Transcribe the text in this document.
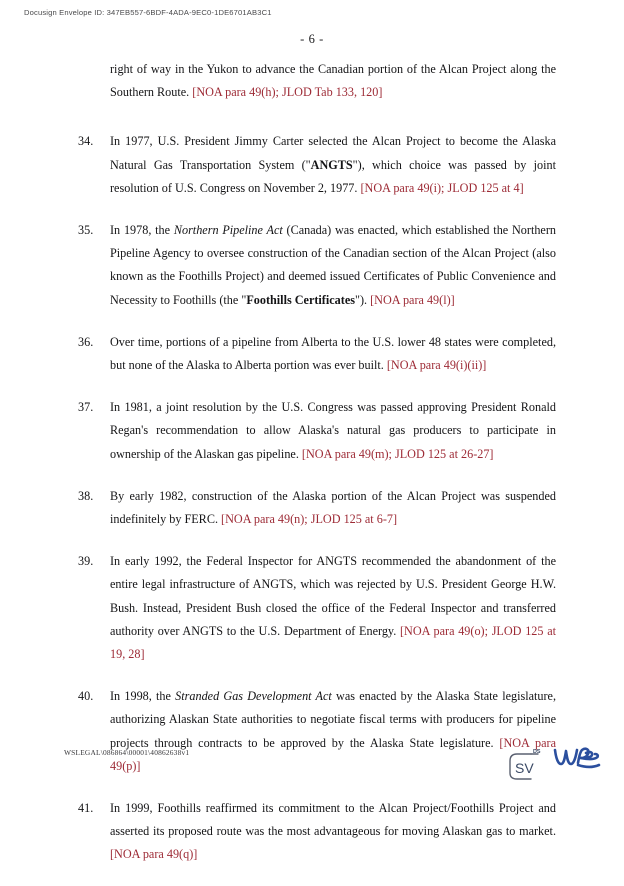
Docusign Envelope ID: 347EB557-6BDF-4ADA-9EC0-1DE6701AB3C1
- 6 -

right of way in the Yukon to advance the Canadian portion of the Alcan Project along the Southern Route. [NOA para 49(h); JLOD Tab 133, 120]

34.	In 1977, U.S. President Jimmy Carter selected the Alcan Project to become the Alaska Natural Gas Transportation System ("ANGTS"), which choice was passed by joint resolution of U.S. Congress on November 2, 1977. [NOA para 49(i); JLOD 125 at 4]

35.	In 1978, the Northern Pipeline Act (Canada) was enacted, which established the Northern Pipeline Agency to oversee construction of the Canadian section of the Alcan Project (also known as the Foothills Project) and deemed issued Certificates of Public Convenience and Necessity to Foothills (the "Foothills Certificates"). [NOA para 49(l)]

36.	Over time, portions of a pipeline from Alberta to the U.S. lower 48 states were completed, but none of the Alaska to Alberta portion was ever built. [NOA para 49(i)(ii)]

37.	In 1981, a joint resolution by the U.S. Congress was passed approving President Ronald Regan's recommendation to allow Alaska's natural gas producers to participate in ownership of the Alaskan gas pipeline. [NOA para 49(m); JLOD 125 at 26-27]

38.	By early 1982, construction of the Alaska portion of the Alcan Project was suspended indefinitely by FERC. [NOA para 49(n); JLOD 125 at 6-7]

39.	In early 1992, the Federal Inspector for ANGTS recommended the abandonment of the entire legal infrastructure of ANGTS, which was rejected by U.S. President George H.W. Bush. Instead, President Bush closed the office of the Federal Inspector and transferred authority over ANGTS to the U.S. Department of Energy. [NOA para 49(o); JLOD 125 at 19, 28]

40.	In 1998, the Stranded Gas Development Act was enacted by the Alaska State legislature, authorizing Alaskan State authorities to negotiate fiscal terms with producers for pipeline projects through contracts to be approved by the Alaska State legislature. [NOA para 49(p)]

41.	In 1999, Foothills reaffirmed its commitment to the Alcan Project/Foothills Project and asserted its proposed route was the most advantageous for moving Alaskan gas to market. [NOA para 49(q)]

WSLEGAL\086864\00001\40862638v1	DS
SV
